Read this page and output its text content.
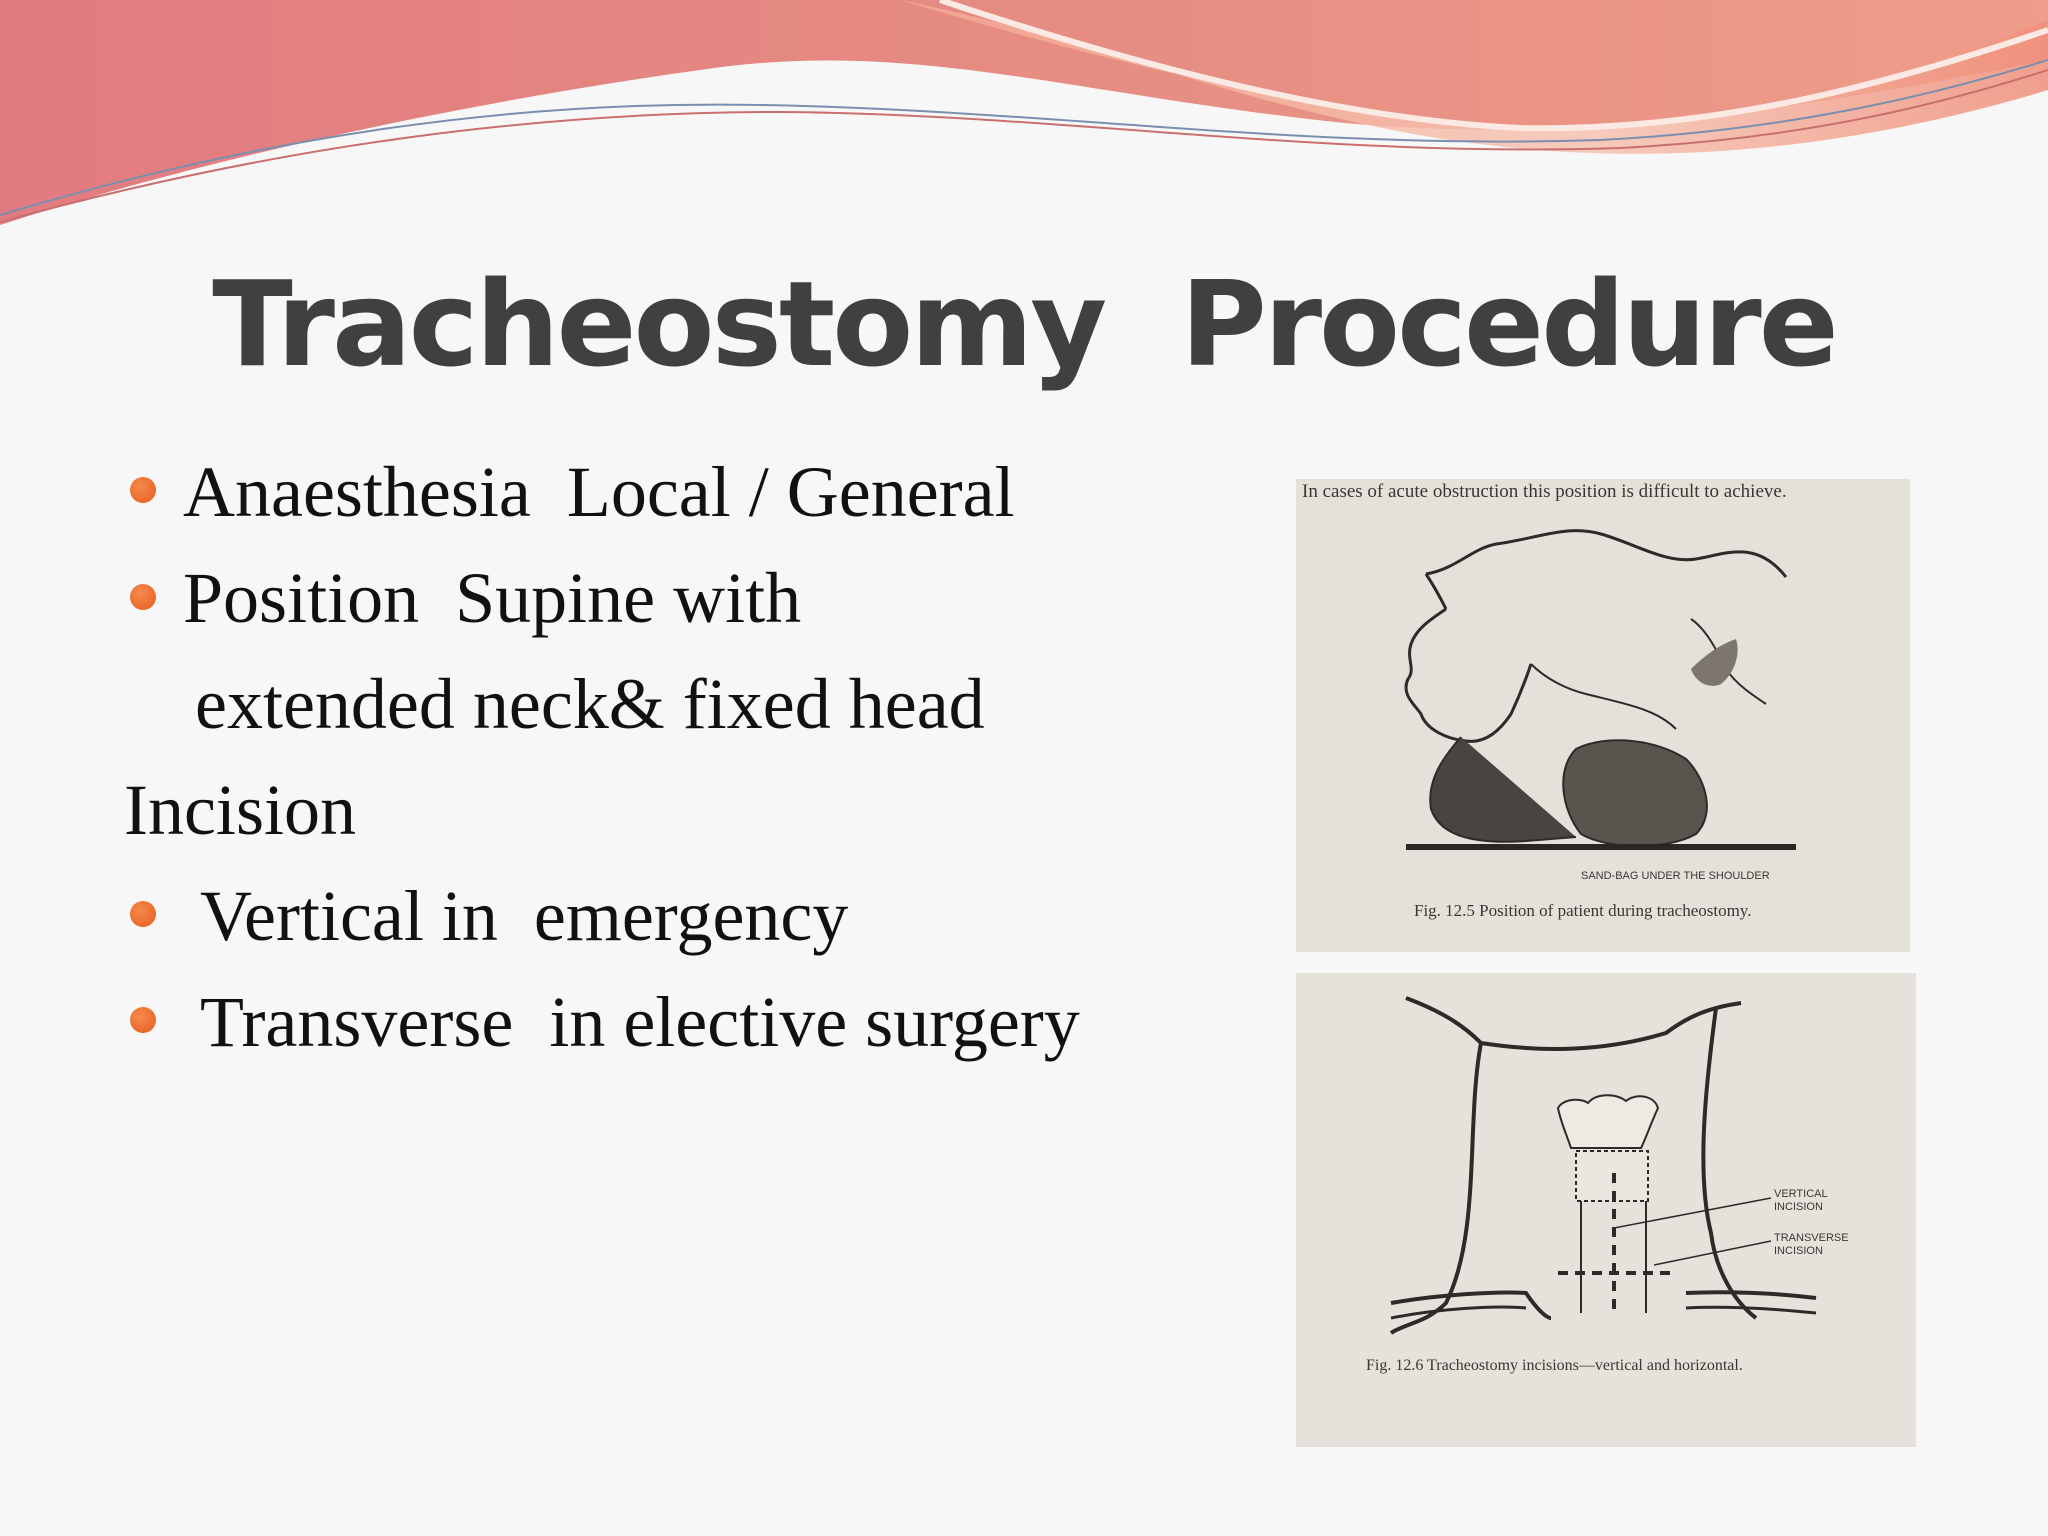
Tracheostomy  Procedure
Anaesthesia  Local / General
Position  Supine with
extended neck& fixed head
Incision
Vertical in  emergency
Transverse  in elective surgery
In cases of acute obstruction this position is difficult to achieve.
SAND-BAG UNDER THE SHOULDER
Fig. 12.5 Position of patient during tracheostomy.
VERTICAL
INCISION
TRANSVERSE
INCISION
Fig. 12.6 Tracheostomy incisions—vertical and horizontal.
